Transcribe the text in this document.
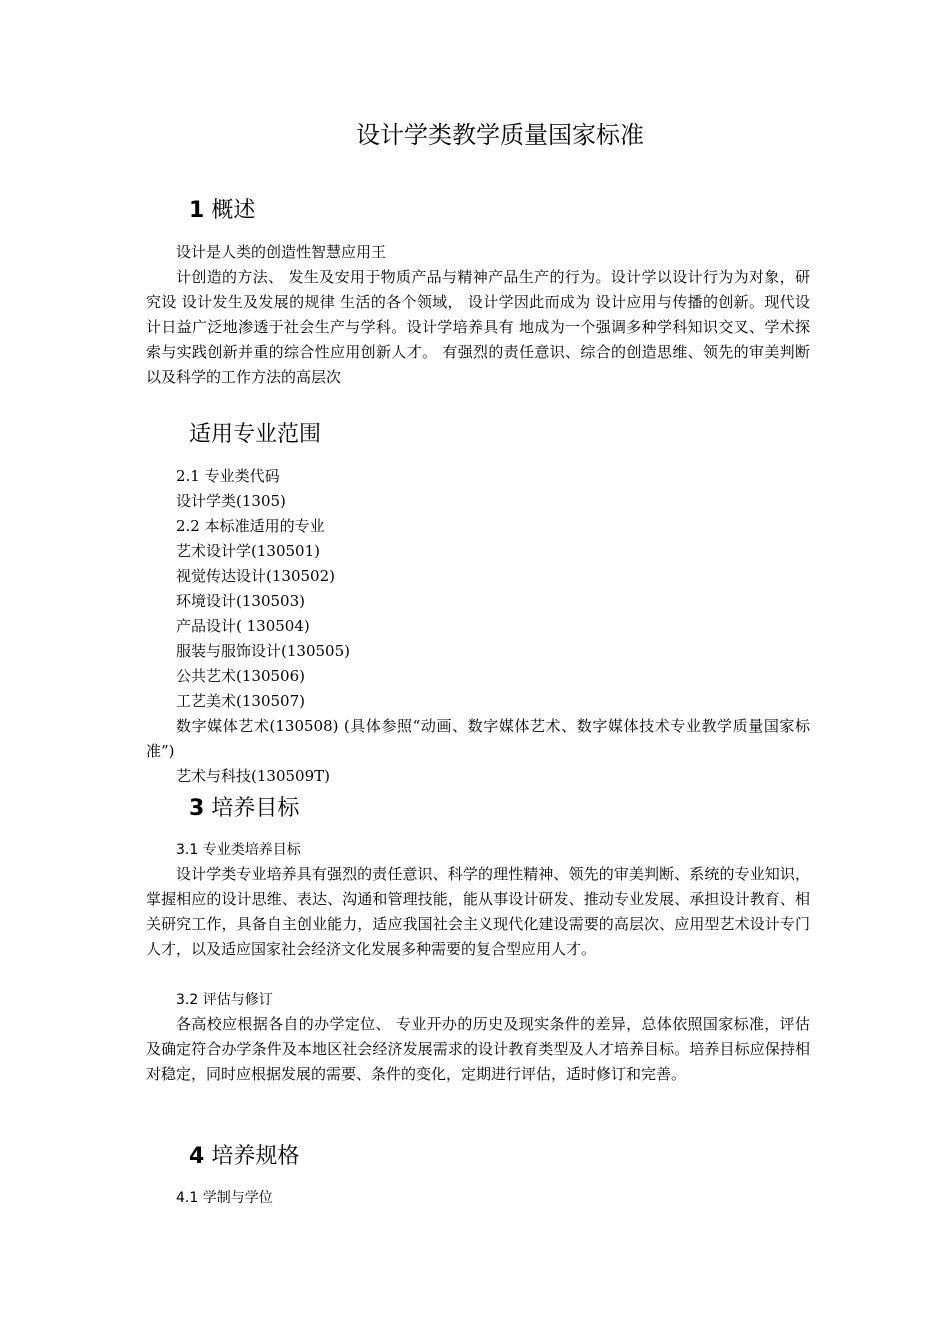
设计学类教学质量国家标准
1 概述
设计是人类的创造性智慧应用王
计创造的方法、 发生及安用于物质产品与精神产品生产的行为。设计学以设计行为为对象，研究设 设计发生及发展的规律 生活的各个领域， 设计学因此而成为 设计应用与传播的创新。现代设计日益广泛地渗透于社会生产与学科。设计学培养具有 地成为一个强调多种学科知识交叉、学术探索与实践创新并重的综合性应用创新人才。 有强烈的责任意识、综合的创造思维、领先的审美判断以及科学的工作方法的高层次
适用专业范围
2.1 专业类代码
设计学类(1305)
2.2 本标准适用的专业
艺术设计学(130501)
视觉传达设计(130502)
环境设计(130503)
产品设计( 130504)
服装与服饰设计(130505)
公共艺术(130506)
工艺美术(130507)
数字媒体艺术(130508) (具体参照“动画、数字媒体艺术、数字媒体技术专业教学质量国家标准”)
艺术与科技(130509T)
3 培养目标
3.1 专业类培养目标
设计学类专业培养具有强烈的责任意识、科学的理性精神、领先的审美判断、系统的专业知识，掌握相应的设计思维、表达、沟通和管理技能，能从事设计研发、推动专业发展、承担设计教育、相关研究工作，具备自主创业能力，适应我国社会主义现代化建设需要的高层次、应用型艺术设计专门人才，以及适应国家社会经济文化发展多种需要的复合型应用人才。
3.2 评估与修订
各高校应根据各自的办学定位、 专业开办的历史及现实条件的差异，总体依照国家标准，评估及确定符合办学条件及本地区社会经济发展需求的设计教育类型及人才培养目标。培养目标应保持相对稳定，同时应根据发展的需要、条件的变化，定期进行评估，适时修订和完善。
4 培养规格
4.1 学制与学位
